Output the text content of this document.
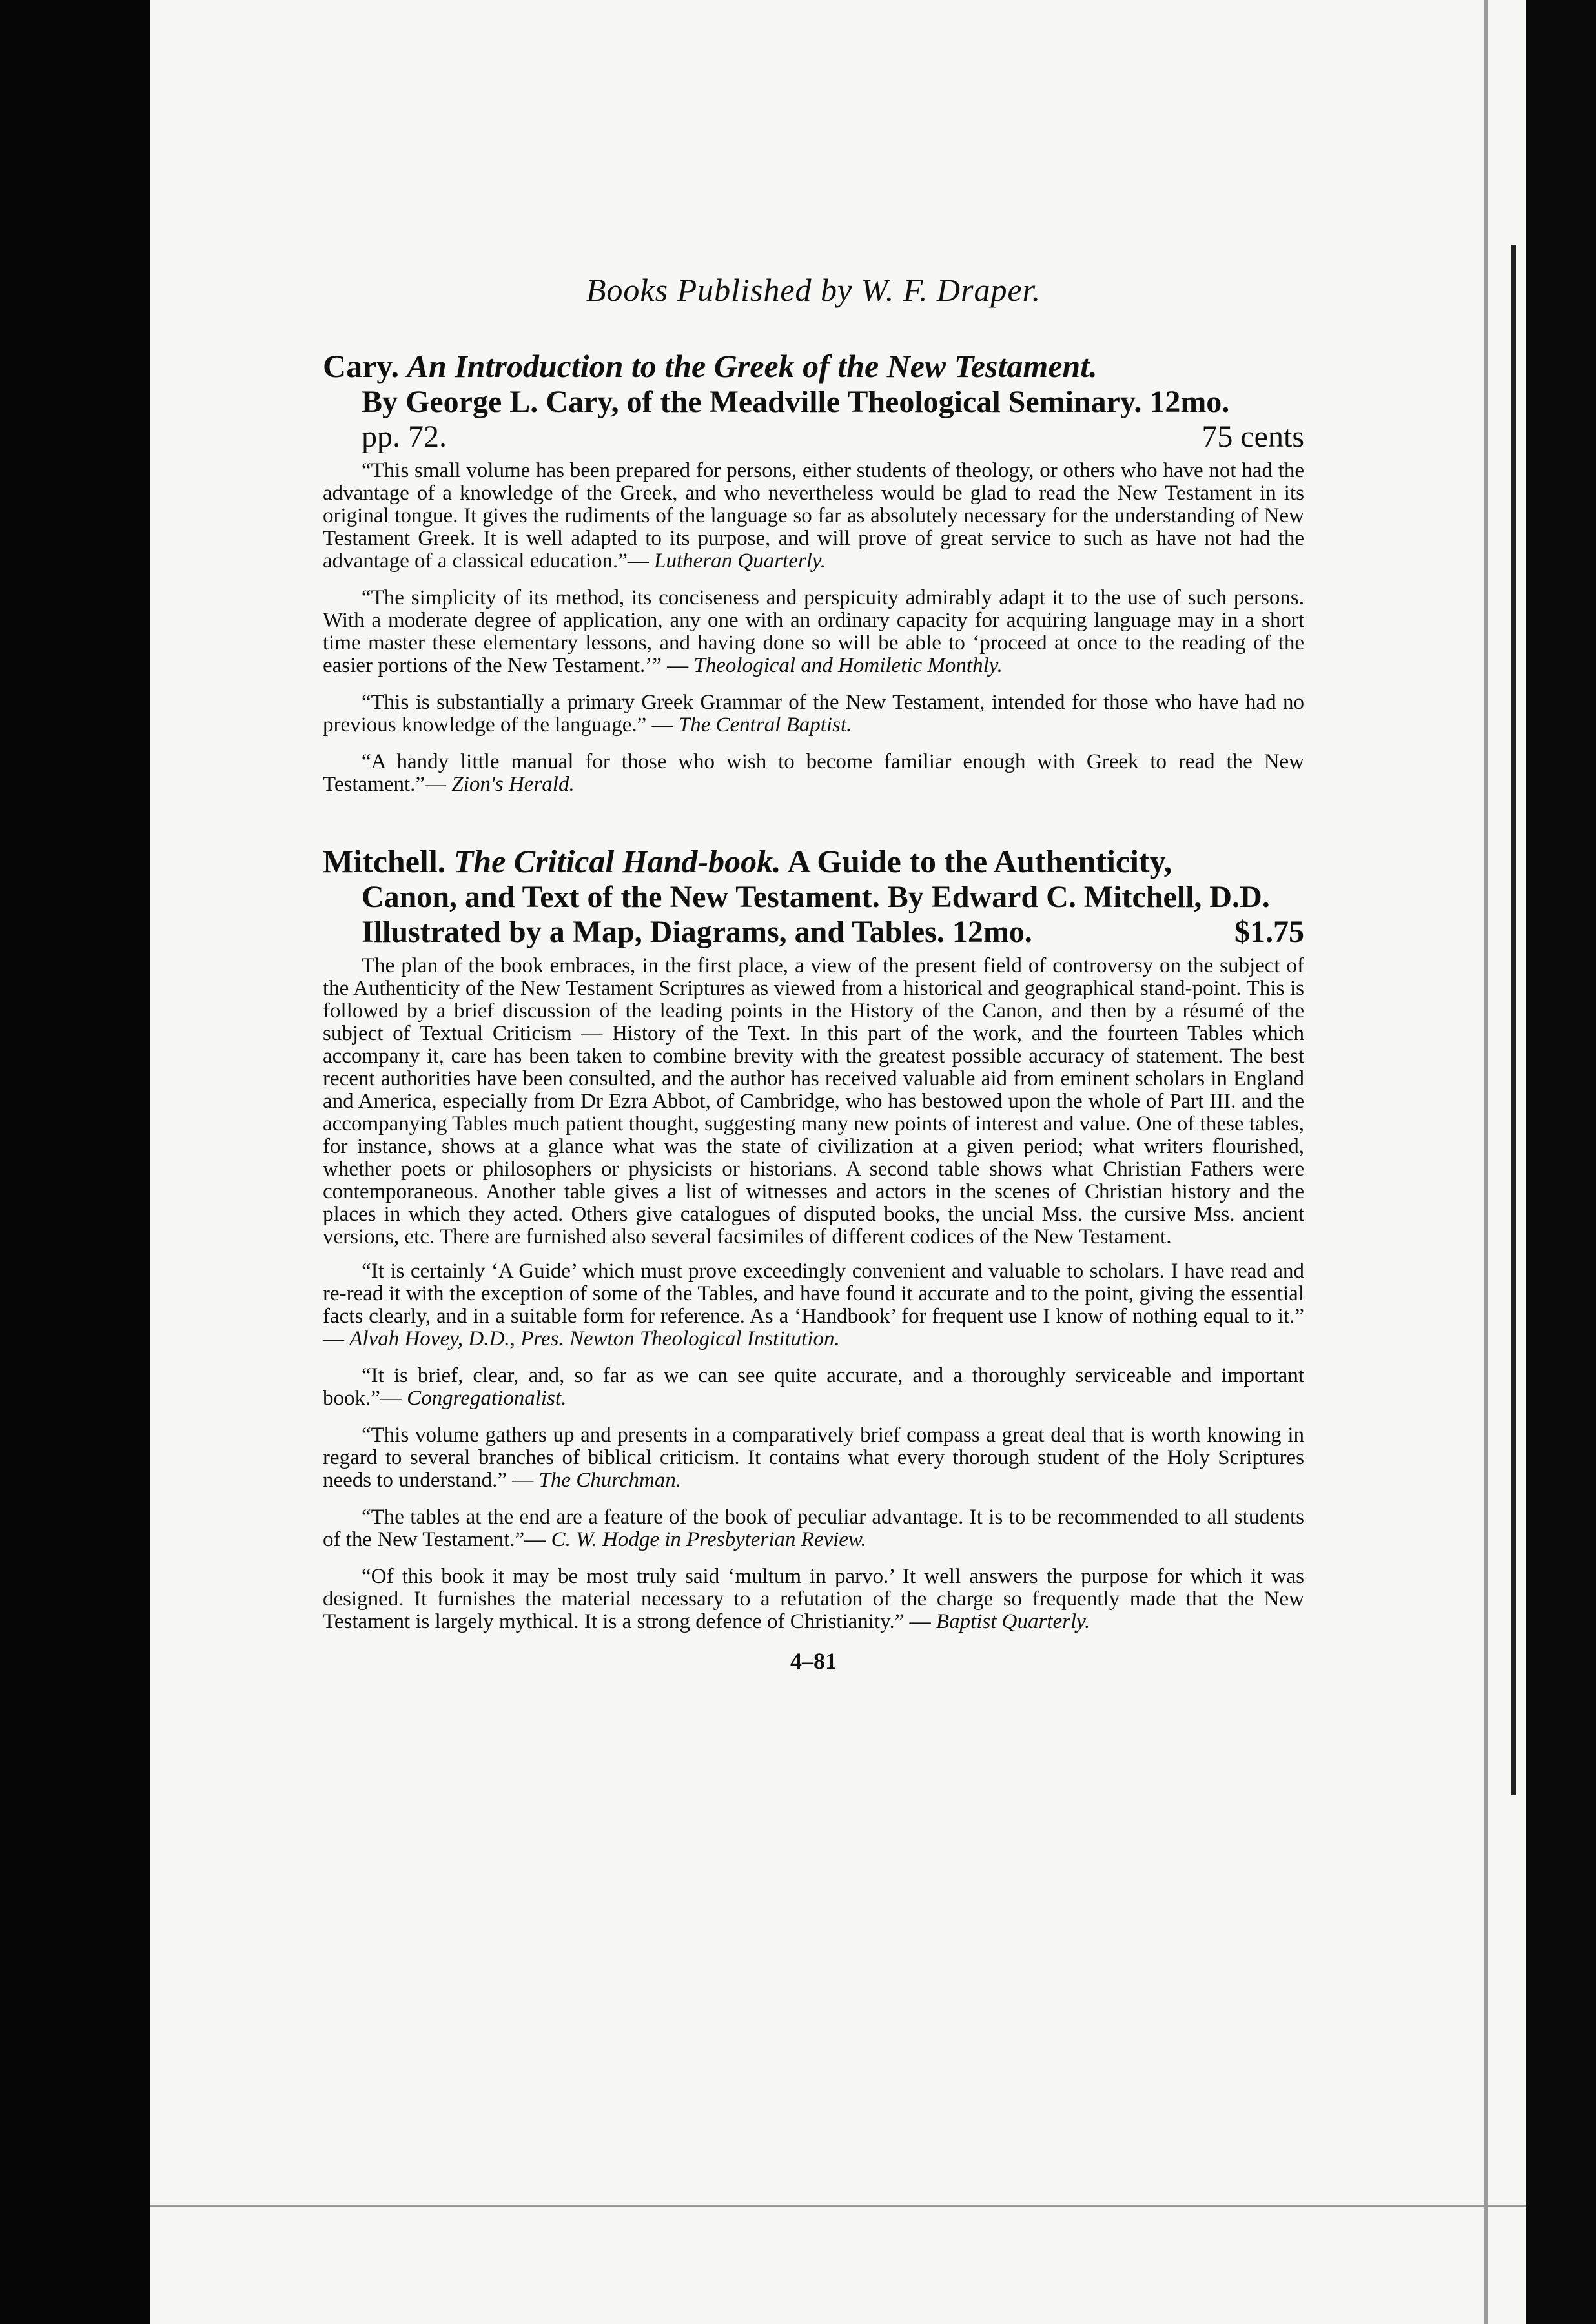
Books Published by W. F. Draper.

Cary. An Introduction to the Greek of the New Testament.

By George L. Cary, of the Meadville Theological Seminary. 12mo.

pp. 72.	75 cents

“This small volume has been prepared for persons, either students of theology, or others who have not had the advantage of a knowledge of the Greek, and who nevertheless would be glad to read the New Testament in its original tongue. It gives the rudiments of the language so far as absolutely necessary for the understanding of New Testament Greek. It is well adapted to its purpose, and will prove of great service to such as have not had the advantage of a classical education.”— Lutheran Quarterly.

“The simplicity of its method, its conciseness and perspicuity admirably adapt it to the use of such persons. With a moderate degree of application, any one with an ordinary capacity for acquiring language may in a short time master these elementary lessons, and having done so will be able to ‘proceed at once to the reading of the easier portions of the New Testament.’” — Theological and Homiletic Monthly.

“This is substantially a primary Greek Grammar of the New Testament, intended for those who have had no previous knowledge of the language.” — The Central Baptist.

“A handy little manual for those who wish to become familiar enough with Greek to read the New Testament.”— Zion's Herald.

Mitchell. The Critical Hand-book. A Guide to the Authenticity,

Canon, and Text of the New Testament. By Edward C. Mitchell, D.D.

Illustrated by a Map, Diagrams, and Tables. 12mo.	$1.75

The plan of the book embraces, in the first place, a view of the present field of controversy on the subject of the Authenticity of the New Testament Scriptures as viewed from a historical and geographical stand-point. This is followed by a brief discussion of the leading points in the History of the Canon, and then by a résumé of the subject of Textual Criticism — History of the Text. In this part of the work, and the fourteen Tables which accompany it, care has been taken to combine brevity with the greatest possible accuracy of statement. The best recent authorities have been consulted, and the author has received valuable aid from eminent scholars in England and America, especially from Dr Ezra Abbot, of Cambridge, who has bestowed upon the whole of Part III. and the accompanying Tables much patient thought, suggesting many new points of interest and value. One of these tables, for instance, shows at a glance what was the state of civilization at a given period; what writers flourished, whether poets or philosophers or physicists or historians. A second table shows what Christian Fathers were contemporaneous. Another table gives a list of witnesses and actors in the scenes of Christian history and the places in which they acted. Others give catalogues of disputed books, the uncial Mss. the cursive Mss. ancient versions, etc. There are furnished also several facsimiles of different codices of the New Testament.

“It is certainly ‘A Guide’ which must prove exceedingly convenient and valuable to scholars. I have read and re-read it with the exception of some of the Tables, and have found it accurate and to the point, giving the essential facts clearly, and in a suitable form for reference. As a ‘Handbook’ for frequent use I know of nothing equal to it.” — Alvah Hovey, D.D., Pres. Newton Theological Institution.

“It is brief, clear, and, so far as we can see quite accurate, and a thoroughly serviceable and important book.”— Congregationalist.

“This volume gathers up and presents in a comparatively brief compass a great deal that is worth knowing in regard to several branches of biblical criticism. It contains what every thorough student of the Holy Scriptures needs to understand.” — The Churchman.

“The tables at the end are a feature of the book of peculiar advantage. It is to be recommended to all students of the New Testament.”— C. W. Hodge in Presbyterian Review.

“Of this book it may be most truly said ‘multum in parvo.’ It well answers the purpose for which it was designed. It furnishes the material necessary to a refutation of the charge so frequently made that the New Testament is largely mythical. It is a strong defence of Christianity.” — Baptist Quarterly.

4–81
